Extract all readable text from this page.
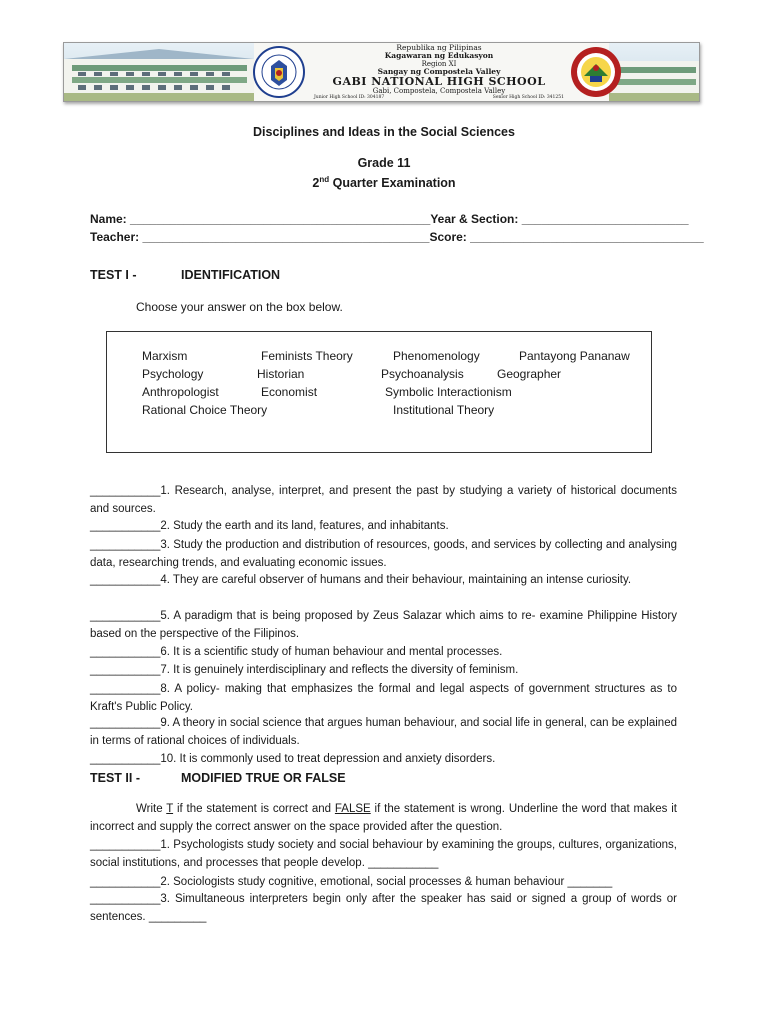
Republika ng Pilipinas
Kagawaran ng Edukasyon
Region XI
Sangay ng Compostela Valley
GABI NATIONAL HIGH SCHOOL
Gabi, Compostela, Compostela Valley
Junior High School ID: 304187	Senior High School ID: 341251
Disciplines and Ideas in the Social Sciences
Grade 11
2nd Quarter Examination
Name: _____________________________________________Year & Section: _________________________
Teacher: ___________________________________________Score: ___________________________________
TEST I -	IDENTIFICATION
Choose your answer on the box below.
Marxism	Feminists Theory	Phenomenology	Pantayong Pananaw
Psychology	Historian	Psychoanalysis	Geographer
Anthropologist	Economist	Symbolic Interactionism
Rational Choice Theory	Institutional Theory
___________1. Research, analyse, interpret, and present the past by studying a variety of historical documents and sources.
___________2. Study the earth and its land, features, and inhabitants.
___________3. Study the production and distribution of resources, goods, and services by collecting and analysing data, researching trends, and evaluating economic issues.
___________4. They are careful observer of humans and their behaviour, maintaining an intense curiosity.
___________5. A paradigm that is being proposed by Zeus Salazar which aims to re- examine Philippine History based on the perspective of the Filipinos.
___________6. It is a scientific study of human behaviour and mental processes.
___________7. It is genuinely interdisciplinary and reflects the diversity of feminism.
___________8. A policy- making that emphasizes the formal and legal aspects of government structures as to Kraft's Public Policy.
___________9. A theory in social science that argues human behaviour, and social life in general, can be explained in terms of rational choices of individuals.
___________10. It is commonly used to treat depression and anxiety disorders.
TEST II -	MODIFIED TRUE OR FALSE
Write T if the statement is correct and FALSE if the statement is wrong. Underline the word that makes it incorrect and supply the correct answer on the space provided after the question.
___________1. Psychologists study society and social behaviour by examining the groups, cultures, organizations, social institutions, and processes that people develop. ___________
___________2. Sociologists study cognitive, emotional, social processes & human behaviour _______
___________3. Simultaneous interpreters begin only after the speaker has said or signed a group of words or sentences. _________
